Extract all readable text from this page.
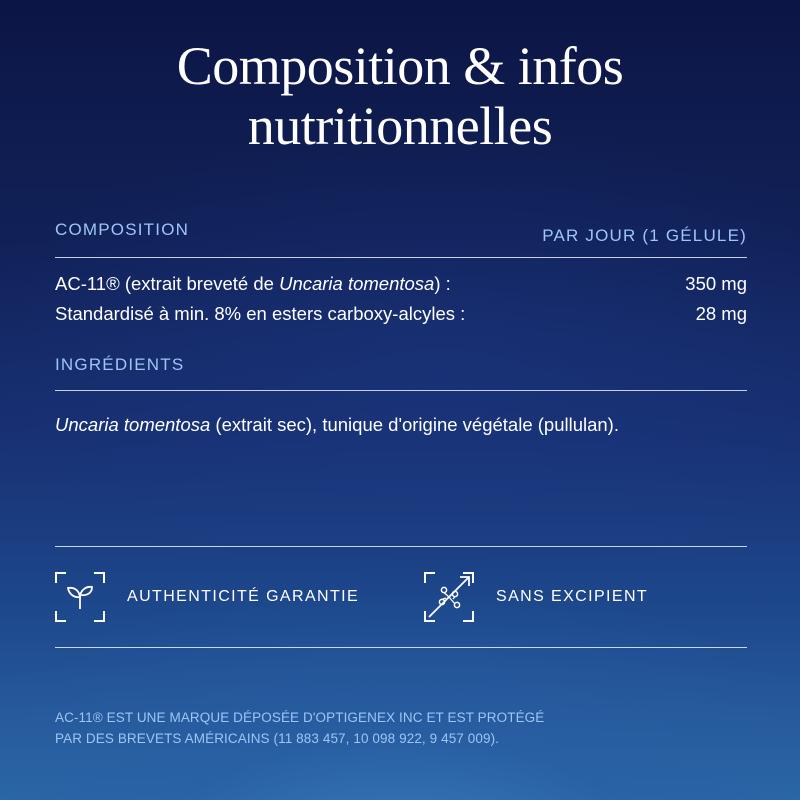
Composition & infos
nutritionnelles
COMPOSITION	PAR JOUR (1 GÉLULE)
AC-11® (extrait breveté de Uncaria tomentosa) :	350 mg
Standardisé à min. 8% en esters carboxy-alcyles :	28 mg
INGRÉDIENTS
Uncaria tomentosa (extrait sec), tunique d'origine végétale (pullulan).
AUTHENTICITÉ GARANTIE	SANS EXCIPIENT
AC-11® EST UNE MARQUE DÉPOSÉE D'OPTIGENEX INC ET EST PROTÉGÉ
PAR DES BREVETS AMÉRICAINS (11 883 457, 10 098 922, 9 457 009).
